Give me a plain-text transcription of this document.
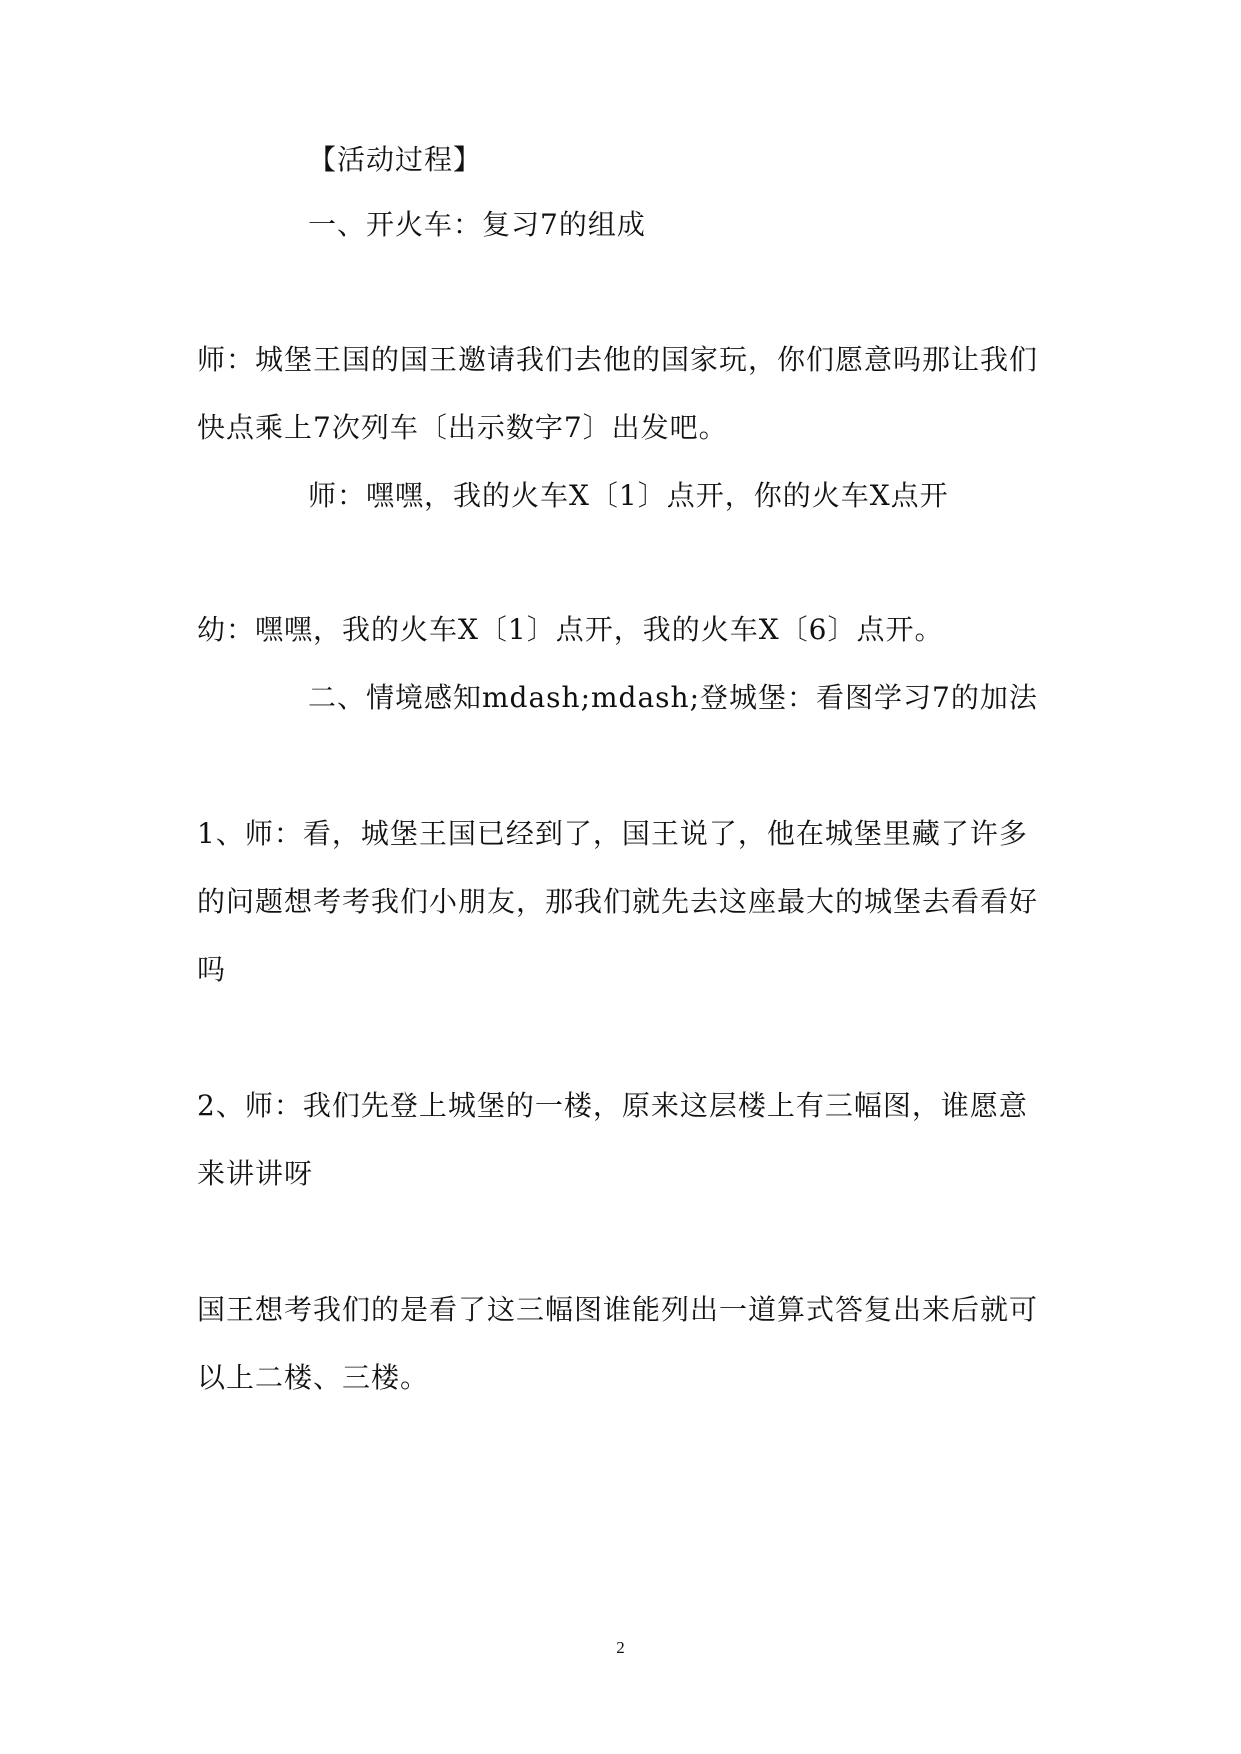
【活动过程】
一、开火车：复习7的组成
师：城堡王国的国王邀请我们去他的国家玩，你们愿意吗那让我们
快点乘上7次列车〔出示数字7〕出发吧。
师：嘿嘿，我的火车X〔1〕点开，你的火车X点开
幼：嘿嘿，我的火车X〔1〕点开，我的火车X〔6〕点开。
二、情境感知mdash;mdash;登城堡：看图学习7的加法
1、师：看，城堡王国已经到了，国王说了，他在城堡里藏了许多
的问题想考考我们小朋友，那我们就先去这座最大的城堡去看看好
吗
2、师：我们先登上城堡的一楼，原来这层楼上有三幅图，谁愿意
来讲讲呀
国王想考我们的是看了这三幅图谁能列出一道算式答复出来后就可
以上二楼、三楼。
2
